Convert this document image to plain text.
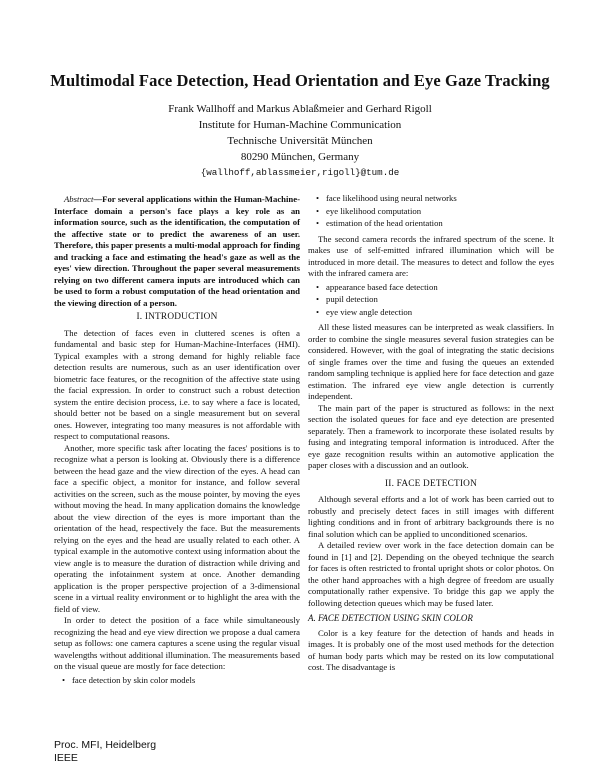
Multimodal Face Detection, Head Orientation and Eye Gaze Tracking
Frank Wallhoff and Markus Ablaßmeier and Gerhard Rigoll
Institute for Human-Machine Communication
Technische Universität München
80290 München, Germany
{wallhoff,ablassmeier,rigoll}@tum.de

Abstract—For several applications within the Human-Machine-Interface domain a person's face plays a key role as an information source, such as the identification, the computation of the affective state or to predict the awareness of an user. Therefore, this paper presents a multi-modal approach for finding and tracking a face and estimating the head's gaze as well as the eyes' view direction. Throughout the paper several measurements relying on two different camera inputs are introduced which can be used to form a robust computation of the head orientation and the viewing direction of a person.

I. INTRODUCTION

The detection of faces even in cluttered scenes is often a fundamental and basic step for Human-Machine-Interfaces (HMI). Typical examples with a strong demand for highly reliable face detection results are numerous, such as an user identification over biometric face features, or the recognition of the affective state using the facial expression. In order to construct such a robust detection system the entire decision process, i.e. to say where a face is located, should better not be based on a single measurement but on several ones. However, integrating too many measures is not affordable with respect to computational reasons.

Another, more specific task after locating the faces' positions is to recognize what a person is looking at. Obviously there is a difference between the head gaze and the view direction of the eyes. A head can face a specific object, a monitor for instance, and follow several activities on the screen, such as the mouse pointer, by moving the eyes without moving the head. In many application domains the knowledge about the view direction of the eyes is more important than the orientation of the head, respectively the face. But the measurements relying on the eyes and the head are usually related to each other. A typical example in the automotive context using information about the view angle is to measure the duration of distraction while driving and operating the infotainment system at once. Another demanding application is the proper perspective projection of a 3-dimensional scene in a virtual reality environment or to highlight the area with the field of view.

In order to detect the position of a face while simultaneously recognizing the head and eye view direction we propose a dual camera setup as follows: one camera captures a scene using the regular visual wavelengths without additional illumination. The measurements based on the visual queue are mostly for face detection:

• face detection by skin color models
• face likelihood using neural networks
• eye likelihood computation
• estimation of the head orientation

The second camera records the infrared spectrum of the scene. It makes use of self-emitted infrared illumination which will be introduced in more detail. The measures to detect and follow the eyes with the infrared camera are:

• appearance based face detection
• pupil detection
• eye view angle detection

All these listed measures can be interpreted as weak classifiers. In order to combine the single measures several fusion strategies can be considered. However, with the goal of integrating the static decisions of single frames over the time and fusing the queues an extended random sampling technique is applied here for face detection and gaze estimation. The infrared eye view angle detection is currently independent.

The main part of the paper is structured as follows: in the next section the isolated queues for face and eye detection are presented separately. Then a framework to incorporate these isolated results by fusing and integrating temporal information is introduced. After the eye gaze recognition results within an automotive application the paper closes with a discussion and an outlook.

II. FACE DETECTION

Although several efforts and a lot of work has been carried out to robustly and precisely detect faces in still images with different lighting conditions and in front of arbitrary backgrounds there is no final solution which can be applied to unconditioned scenarios.

A detailed review over work in the face detection domain can be found in [1] and [2]. Depending on the obeyed technique the search for faces is often restricted to frontal upright shots or color photos. On the other hand approaches with a high degree of freedom are usually computationally rather expensive. To bridge this gap we apply the following detection queues which may be fused later.

A. FACE DETECTION USING SKIN COLOR

Color is a key feature for the detection of hands and heads in images. It is probably one of the most used methods for the detection of human body parts which may be rested on its low computational cost. The disadvantage is

Proc. MFI, Heidelberg
IEEE
